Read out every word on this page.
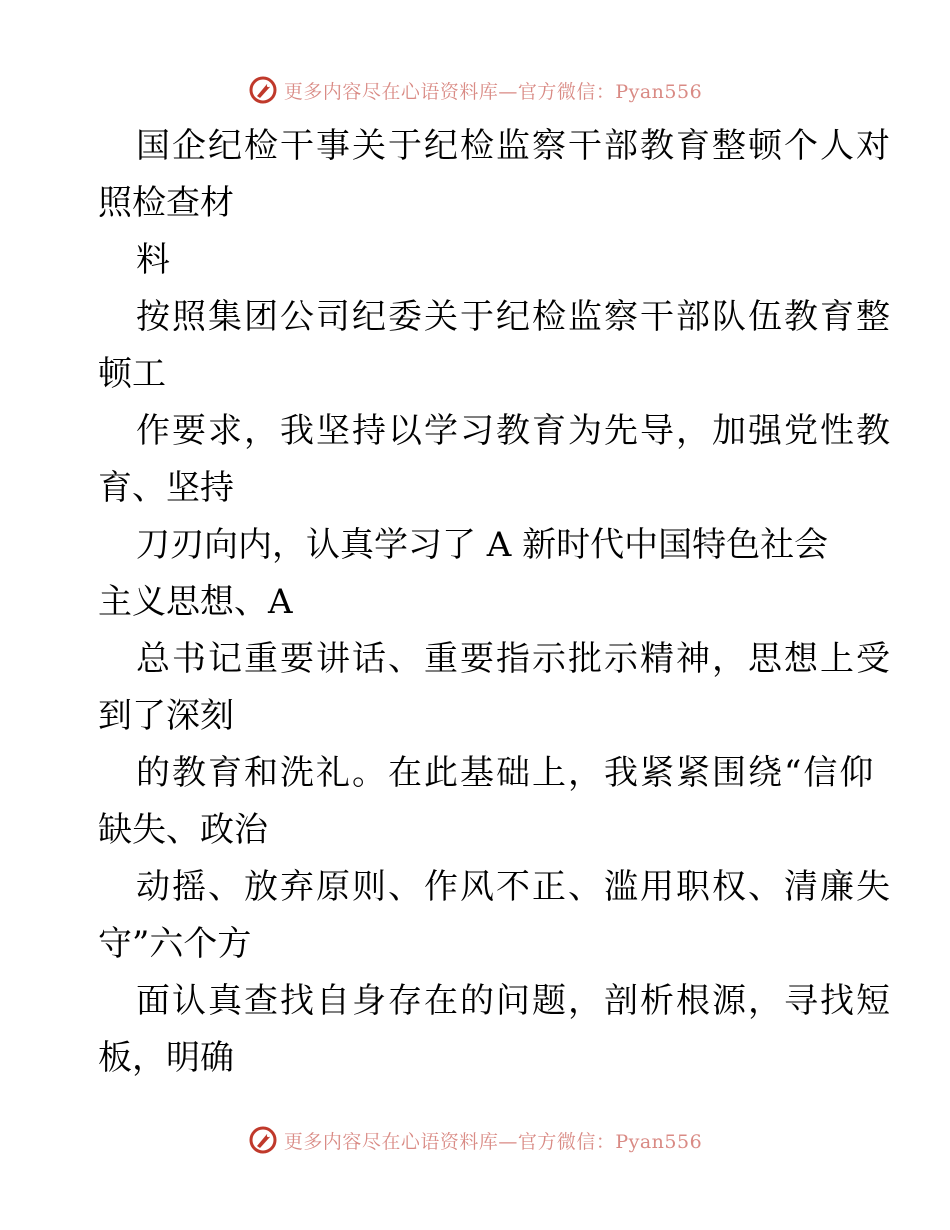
更多内容尽在心语资料库—官方微信：Pyan556
国企纪检干事关于纪检监察干部教育整顿个人对
照检查材
料
按照集团公司纪委关于纪检监察干部队伍教育整
顿工
作要求，我坚持以学习教育为先导，加强党性教
育、坚持
刀刃向内，认真学习了 A 新时代中国特色社会
主义思想、A
总书记重要讲话、重要指示批示精神，思想上受
到了深刻
的教育和洗礼。在此基础上，我紧紧围绕“信仰
缺失、政治
动摇、放弃原则、作风不正、滥用职权、清廉失
守”六个方
面认真查找自身存在的问题，剖析根源，寻找短
板，明确
更多内容尽在心语资料库—官方微信：Pyan556
